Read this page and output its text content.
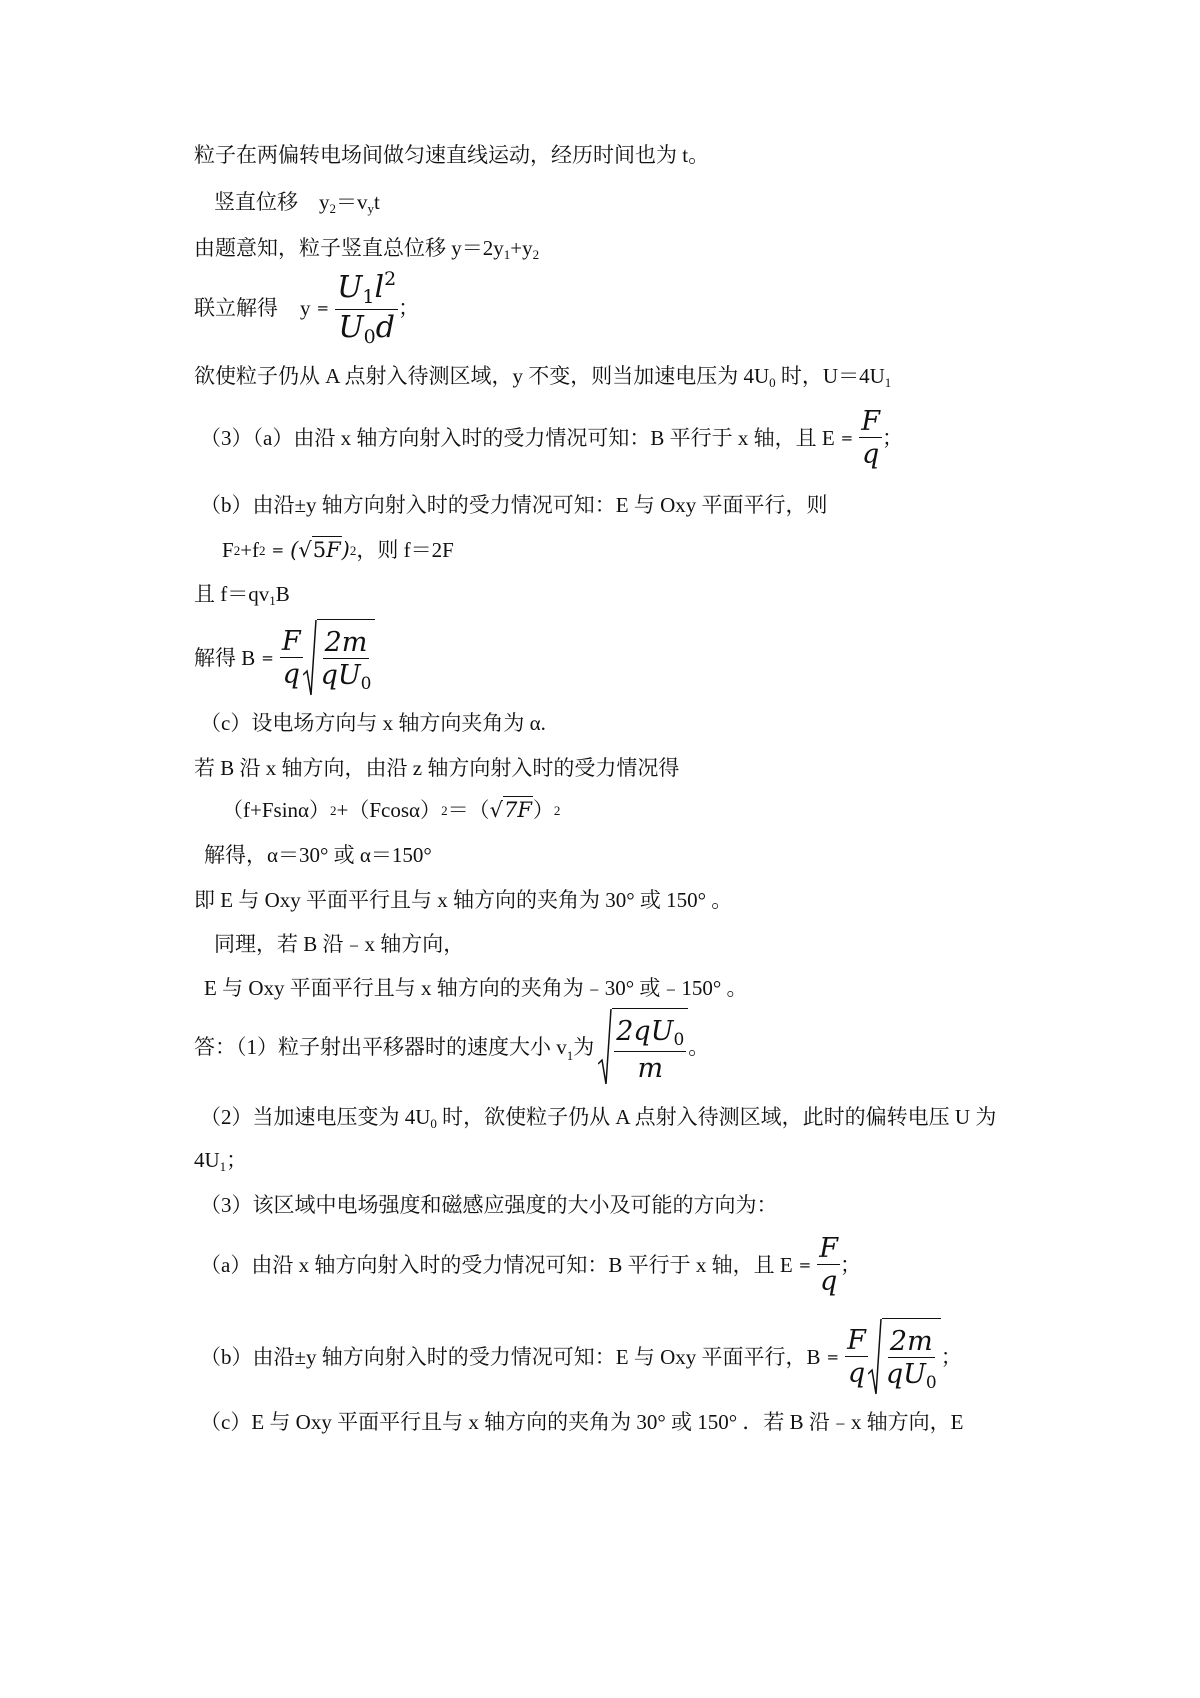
粒子在两偏转电场间做匀速直线运动，经历时间也为 t。
竖直位移 $y_2=v_yt$
由题意知，粒子竖直总位移 $y=2y_1+y_2$
联立解得 $y = \frac{U_1l^2}{U_0d}$ ；
欲使粒子仍从 A 点射入待测区域，y 不变，则当加速电压为 $4U_0$ 时，$U=4U_1$
（3）（a）由沿 x 轴方向射入时的受力情况可知：B 平行于 x 轴，且 $E = \frac{F}{q}$ ；
（b）由沿±y 轴方向射入时的受力情况可知：E 与 Oxy 平面平行，则
F 2 +f 2 = ( √5F ) 2 ，则 f＝2F
且 $f=qv_1B$
解得 $B = \frac{F}{q} \frac{2m}{qU_0}$
（c）设电场方向与 x 轴方向夹角为 α.
若 B 沿 x 轴方向，由沿 z 轴方向射入时的受力情况得
（f+Fsinα） 2 +（Fcosα） 2 ＝（ √7F ） 2
解得，α＝30° 或 α＝150°
即 E 与 Oxy 平面平行且与 x 轴方向的夹角为 30° 或 150° 。
同理，若 B 沿﹣x 轴方向，
E 与 Oxy 平面平行且与 x 轴方向的夹角为﹣30° 或﹣150° 。
答：（1）粒子射出平移器时的速度大小 $v_1$ 为 $\frac{2qU_0}{m}$ 。
（2）当加速电压变为 $4U_0$ 时，欲使粒子仍从 A 点射入待测区域，此时的偏转电压 U 为
$4U_1$；
（3）该区域中电场强度和磁感应强度的大小及可能的方向为：
（a）由沿 x 轴方向射入时的受力情况可知：B 平行于 x 轴，且 $E = \frac{F}{q}$ ；
（b）由沿±y 轴方向射入时的受力情况可知：E 与 Oxy 平面平行，$B = \frac{F}{q} \frac{2m}{qU_0}$ ；
（c）E 与 Oxy 平面平行且与 x 轴方向的夹角为 30° 或 150° ．若 B 沿﹣x 轴方向，E
